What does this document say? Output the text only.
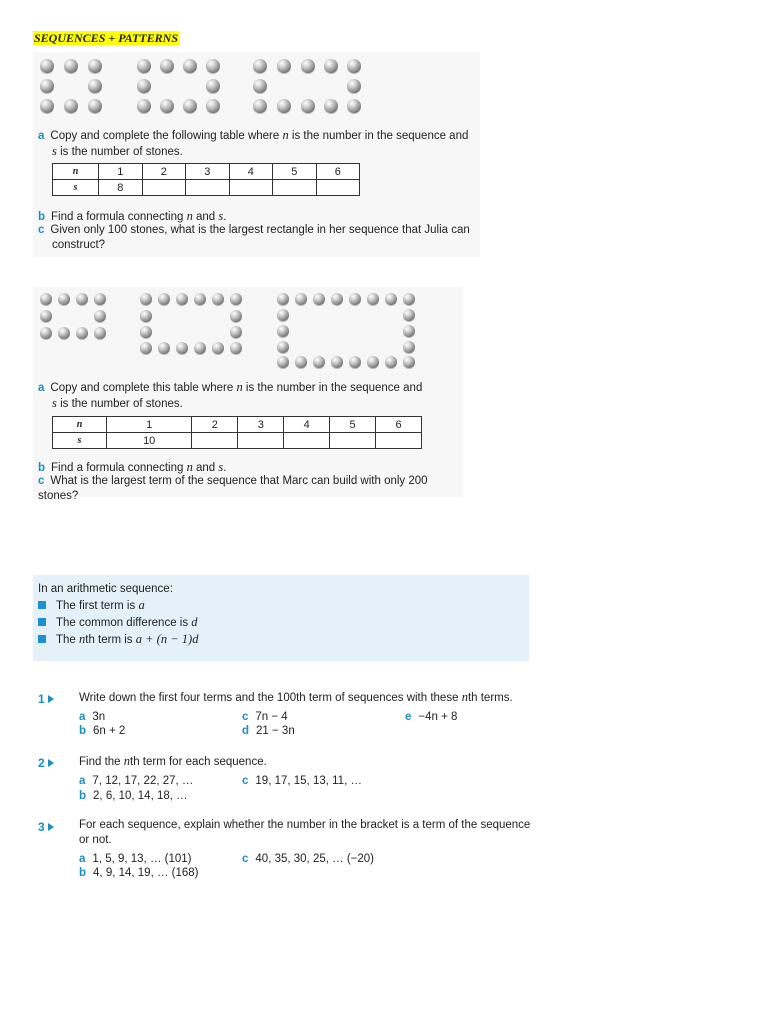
SEQUENCES + PATTERNS
a Copy and complete the following table where n is the number in the sequence and
s is the number of stones.
n	1	2	3	4	5	6
s	8					
b Find a formula connecting n and s.
c Given only 100 stones, what is the largest rectangle in her sequence that Julia can
construct?
a Copy and complete this table where n is the number in the sequence and
s is the number of stones.
n	1	2	3	4	5	6
s	10					
b Find a formula connecting n and s.
c What is the largest term of the sequence that Marc can build with only 200 stones?
In an arithmetic sequence:
The first term is a
The common difference is d
The nth term is a + (n − 1)d
1	Write down the first four terms and the 100th term of sequences with these nth terms.
a 3n
b 6n + 2
c 7n − 4
d 21 − 3n
e −4n + 8
2	Find the nth term for each sequence.
a 7, 12, 17, 22, 27, …
b 2, 6, 10, 14, 18, …
c 19, 17, 15, 13, 11, …
3	For each sequence, explain whether the number in the bracket is a term of the sequence
or not.
a 1, 5, 9, 13, … (101)
b 4, 9, 14, 19, … (168)
c 40, 35, 30, 25, … (−20)
